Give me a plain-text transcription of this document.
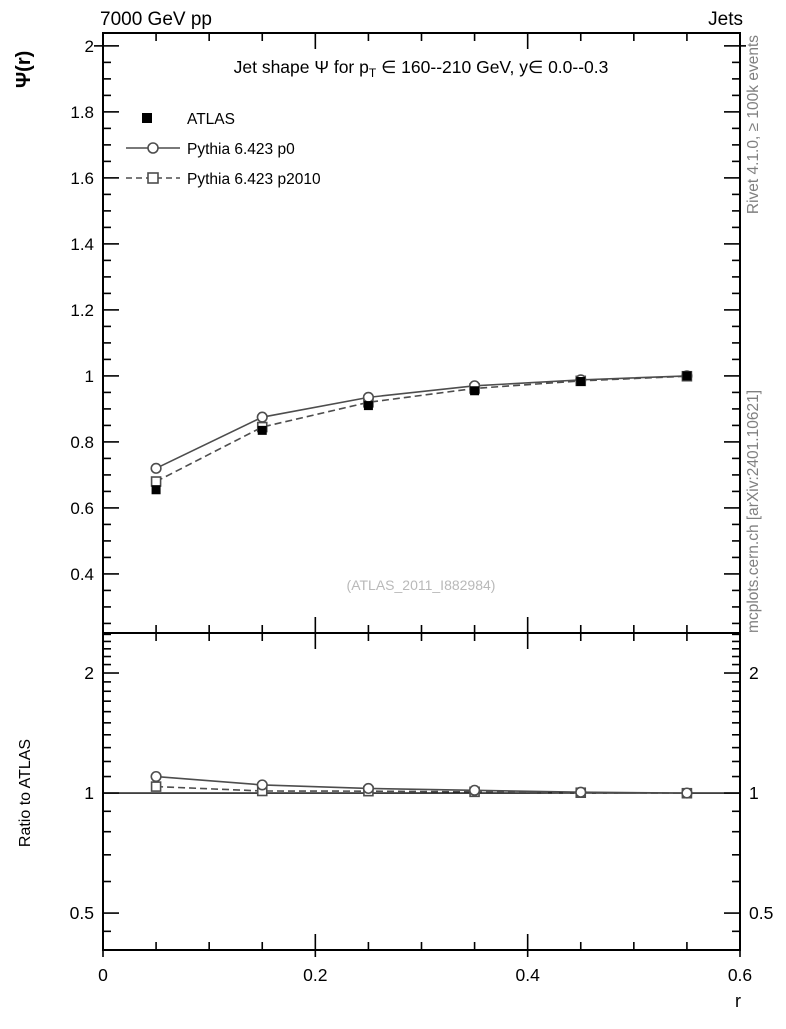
7000 GeV pp	Jets
0	0.2	0.4	0.6
0.4
0.6
0.8
1
1.2
1.4
1.6
1.8
2
0.5	0.5
1	1
2	2
Jet shape Ψ for $p_T$ ∈ 160--210 GeV, y∈ 0.0--0.3
(ATLAS_2011_I882984)
Ψ(r)
Ratio to ATLAS
r
Rivet 4.1.0, ≥ 100k events
mcplots.cern.ch [arXiv:2401.10621]
ATLAS
Pythia 6.423 p0
Pythia 6.423 p2010
